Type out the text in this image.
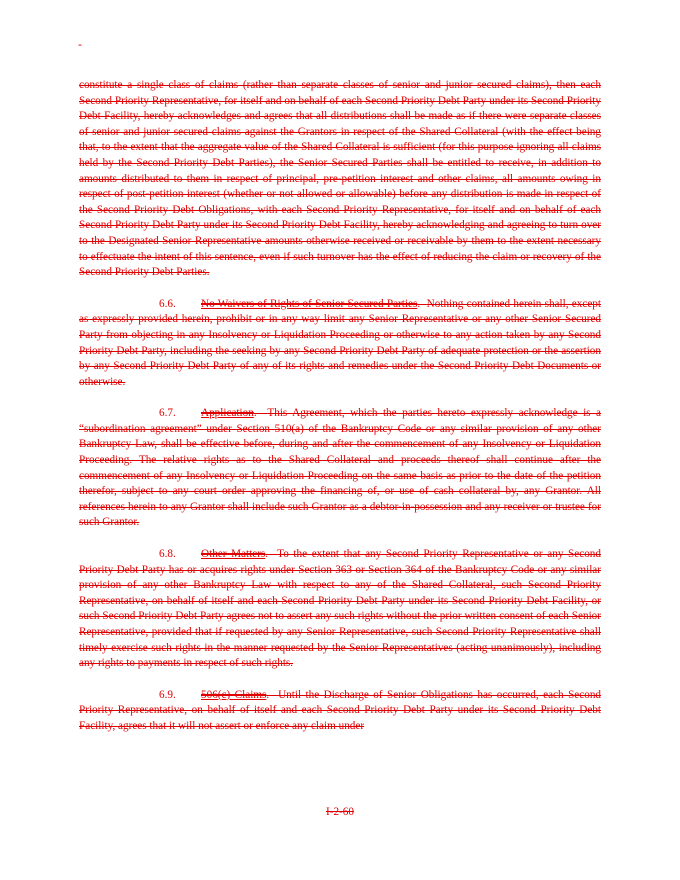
-

constitute a single class of claims (rather than separate classes of senior and junior secured claims), then each Second Priority Representative, for itself and on behalf of each Second Priority Debt Party under its Second Priority Debt Facility, hereby acknowledges and agrees that all distributions shall be made as if there were separate classes of senior and junior secured claims against the Grantors in respect of the Shared Collateral (with the effect being that, to the extent that the aggregate value of the Shared Collateral is sufficient (for this purpose ignoring all claims held by the Second Priority Debt Parties), the Senior Secured Parties shall be entitled to receive, in addition to amounts distributed to them in respect of principal, pre-petition interest and other claims, all amounts owing in respect of post-petition interest (whether or not allowed or allowable) before any distribution is made in respect of the Second Priority Debt Obligations, with each Second Priority Representative, for itself and on behalf of each Second Priority Debt Party under its Second Priority Debt Facility, hereby acknowledging and agreeing to turn over to the Designated Senior Representative amounts otherwise received or receivable by them to the extent necessary to effectuate the intent of this sentence, even if such turnover has the effect of reducing the claim or recovery of the Second Priority Debt Parties.

6.6. No Waivers of Rights of Senior Secured Parties.  Nothing contained herein shall, except as expressly provided herein, prohibit or in any way limit any Senior Representative or any other Senior Secured Party from objecting in any Insolvency or Liquidation Proceeding or otherwise to any action taken by any Second Priority Debt Party, including the seeking by any Second Priority Debt Party of adequate protection or the assertion by any Second Priority Debt Party of any of its rights and remedies under the Second Priority Debt Documents or otherwise.

6.7. Application.  This Agreement, which the parties hereto expressly acknowledge is a “subordination agreement” under Section 510(a) of the Bankruptcy Code or any similar provision of any other Bankruptcy Law, shall be effective before, during and after the commencement of any Insolvency or Liquidation Proceeding. The relative rights as to the Shared Collateral and proceeds thereof shall continue after the commencement of any Insolvency or Liquidation Proceeding on the same basis as prior to the date of the petition therefor, subject to any court order approving the financing of, or use of cash collateral by, any Grantor. All references herein to any Grantor shall include such Grantor as a debtor-in-possession and any receiver or trustee for such Grantor.

6.8. Other Matters.  To the extent that any Second Priority Representative or any Second Priority Debt Party has or acquires rights under Section 363 or Section 364 of the Bankruptcy Code or any similar provision of any other Bankruptcy Law with respect to any of the Shared Collateral, such Second Priority Representative, on behalf of itself and each Second Priority Debt Party under its Second Priority Debt Facility, or such Second Priority Debt Party agrees not to assert any such rights without the prior written consent of each Senior Representative, provided that if requested by any Senior Representative, such Second Priority Representative shall timely exercise such rights in the manner requested by the Senior Representatives (acting unanimously), including any rights to payments in respect of such rights.

6.9. 506(c) Claims.  Until the Discharge of Senior Obligations has occurred, each Second Priority Representative, on behalf of itself and each Second Priority Debt Party under its Second Priority Debt Facility, agrees that it will not assert or enforce any claim under

I-2-60
